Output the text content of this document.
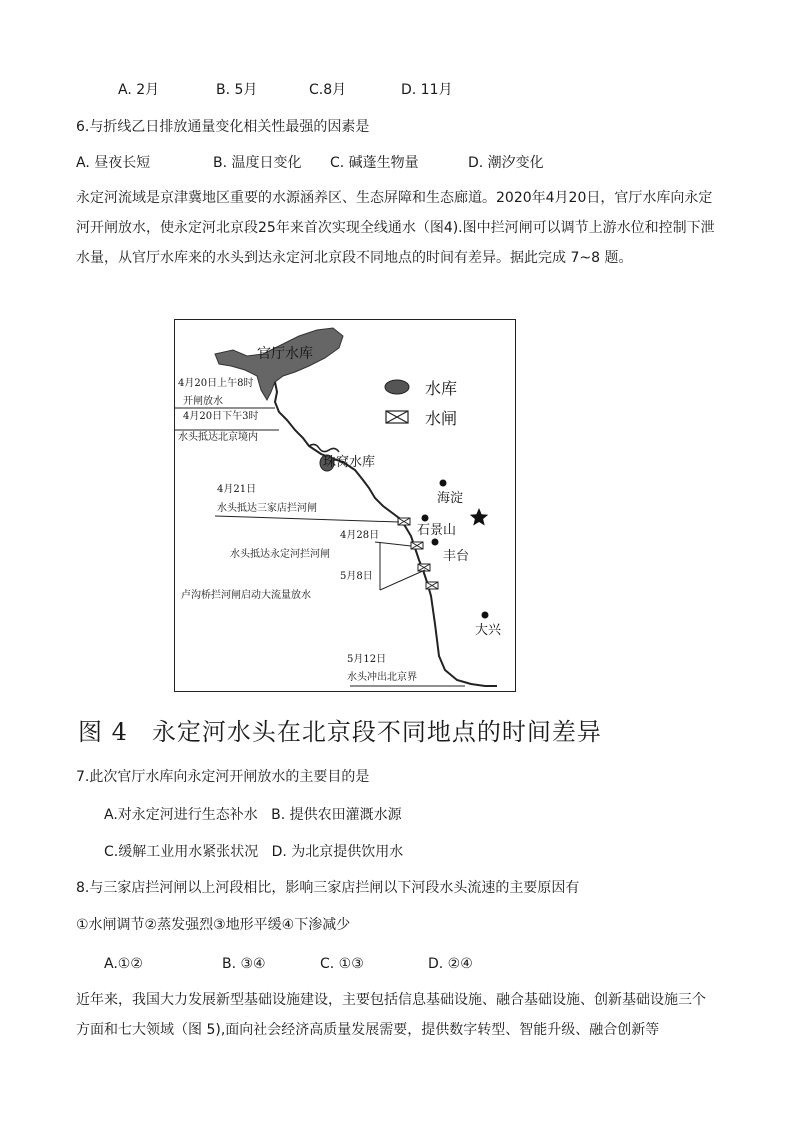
A. 2月	B. 5月	C.8月	D. 11月
6.与折线乙日排放通量变化相关性最强的因素是
A. 昼夜长短	B. 温度日变化 C. 碱蓬生物量	D. 潮汐变化
永定河流域是京津冀地区重要的水源涵养区、生态屏障和生态廊道。2020年4月20日，官厅水库向永定河开闸放水，使永定河北京段25年来首次实现全线通水（图4).图中拦河闸可以调节上游水位和控制下泄水量，从官厅水库来的水头到达永定河北京段不同地点的时间有差异。据此完成 7~8 题。
官厅水库
4月20日上午8时
开闸放水
4月20日下午3时
水头抵达北京境内
珠窝水库
4月21日
水头抵达三家店拦河闸
4月28日
水头抵达永定河拦河闸
5月8日
卢沟桥拦河闸启动大流量放水
5月12日
水头冲出北京界
水库
水闸
海淀
石景山
丰台
大兴
图 4 永定河水头在北京段不同地点的时间差异
7.此次官厅水库向永定河开闸放水的主要目的是
A.对永定河进行生态补水   B. 提供农田灌溉水源
C.缓解工业用水紧张状况   D. 为北京提供饮用水
8.与三家店拦河闸以上河段相比，影响三家店拦闸以下河段水头流速的主要原因有
①水闸调节②蒸发强烈③地形平缓④下渗减少
A.①②	B. ③④	C. ①③	D. ②④
近年来，我国大力发展新型基础设施建设，主要包括信息基础设施、融合基础设施、创新基础设施三个方面和七大领域（图 5),面向社会经济高质量发展需要，提供数字转型、智能升级、融合创新等
